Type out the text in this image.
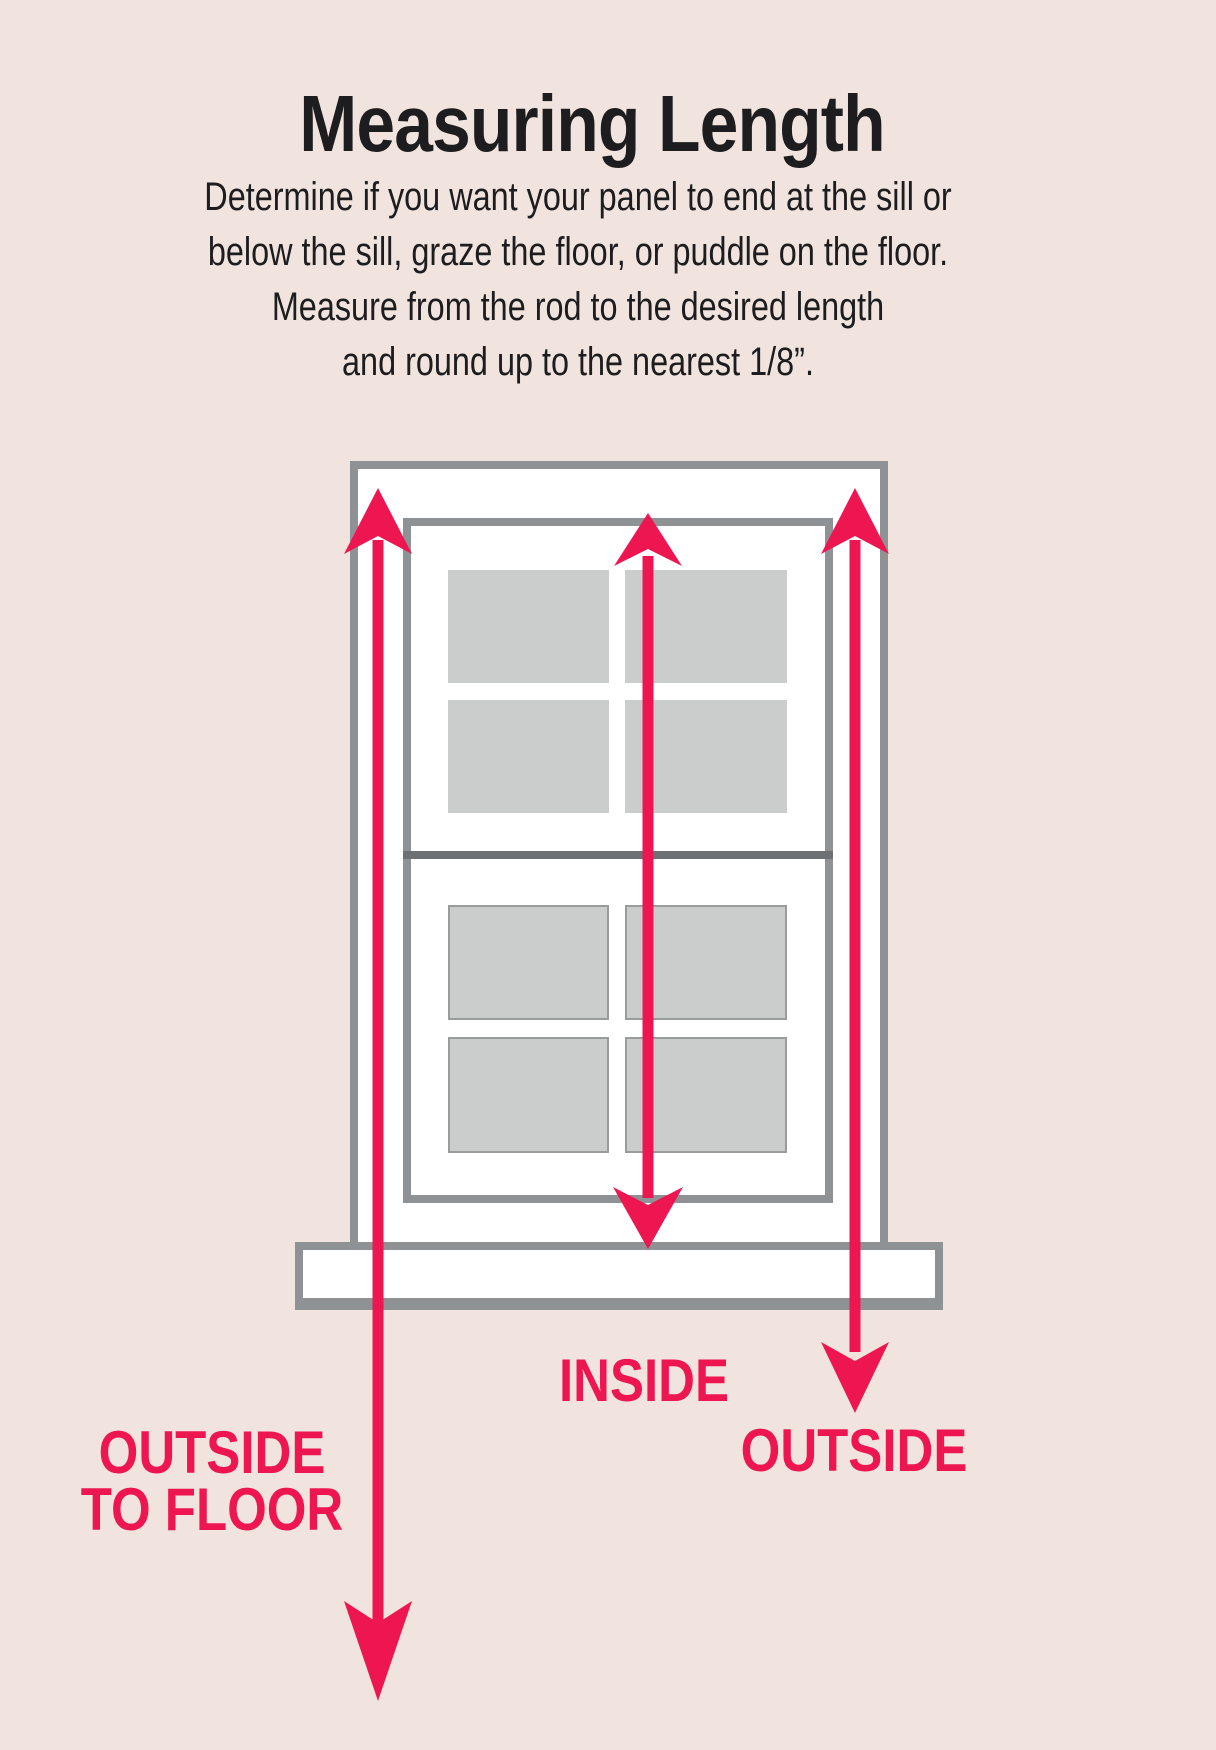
Measuring Length
Determine if you want your panel to end at the sill or
below the sill, graze the floor, or puddle on the floor.
Measure from the rod to the desired length
and round up to the nearest 1/8”.
INSIDE
OUTSIDE
OUTSIDE
TO FLOOR
